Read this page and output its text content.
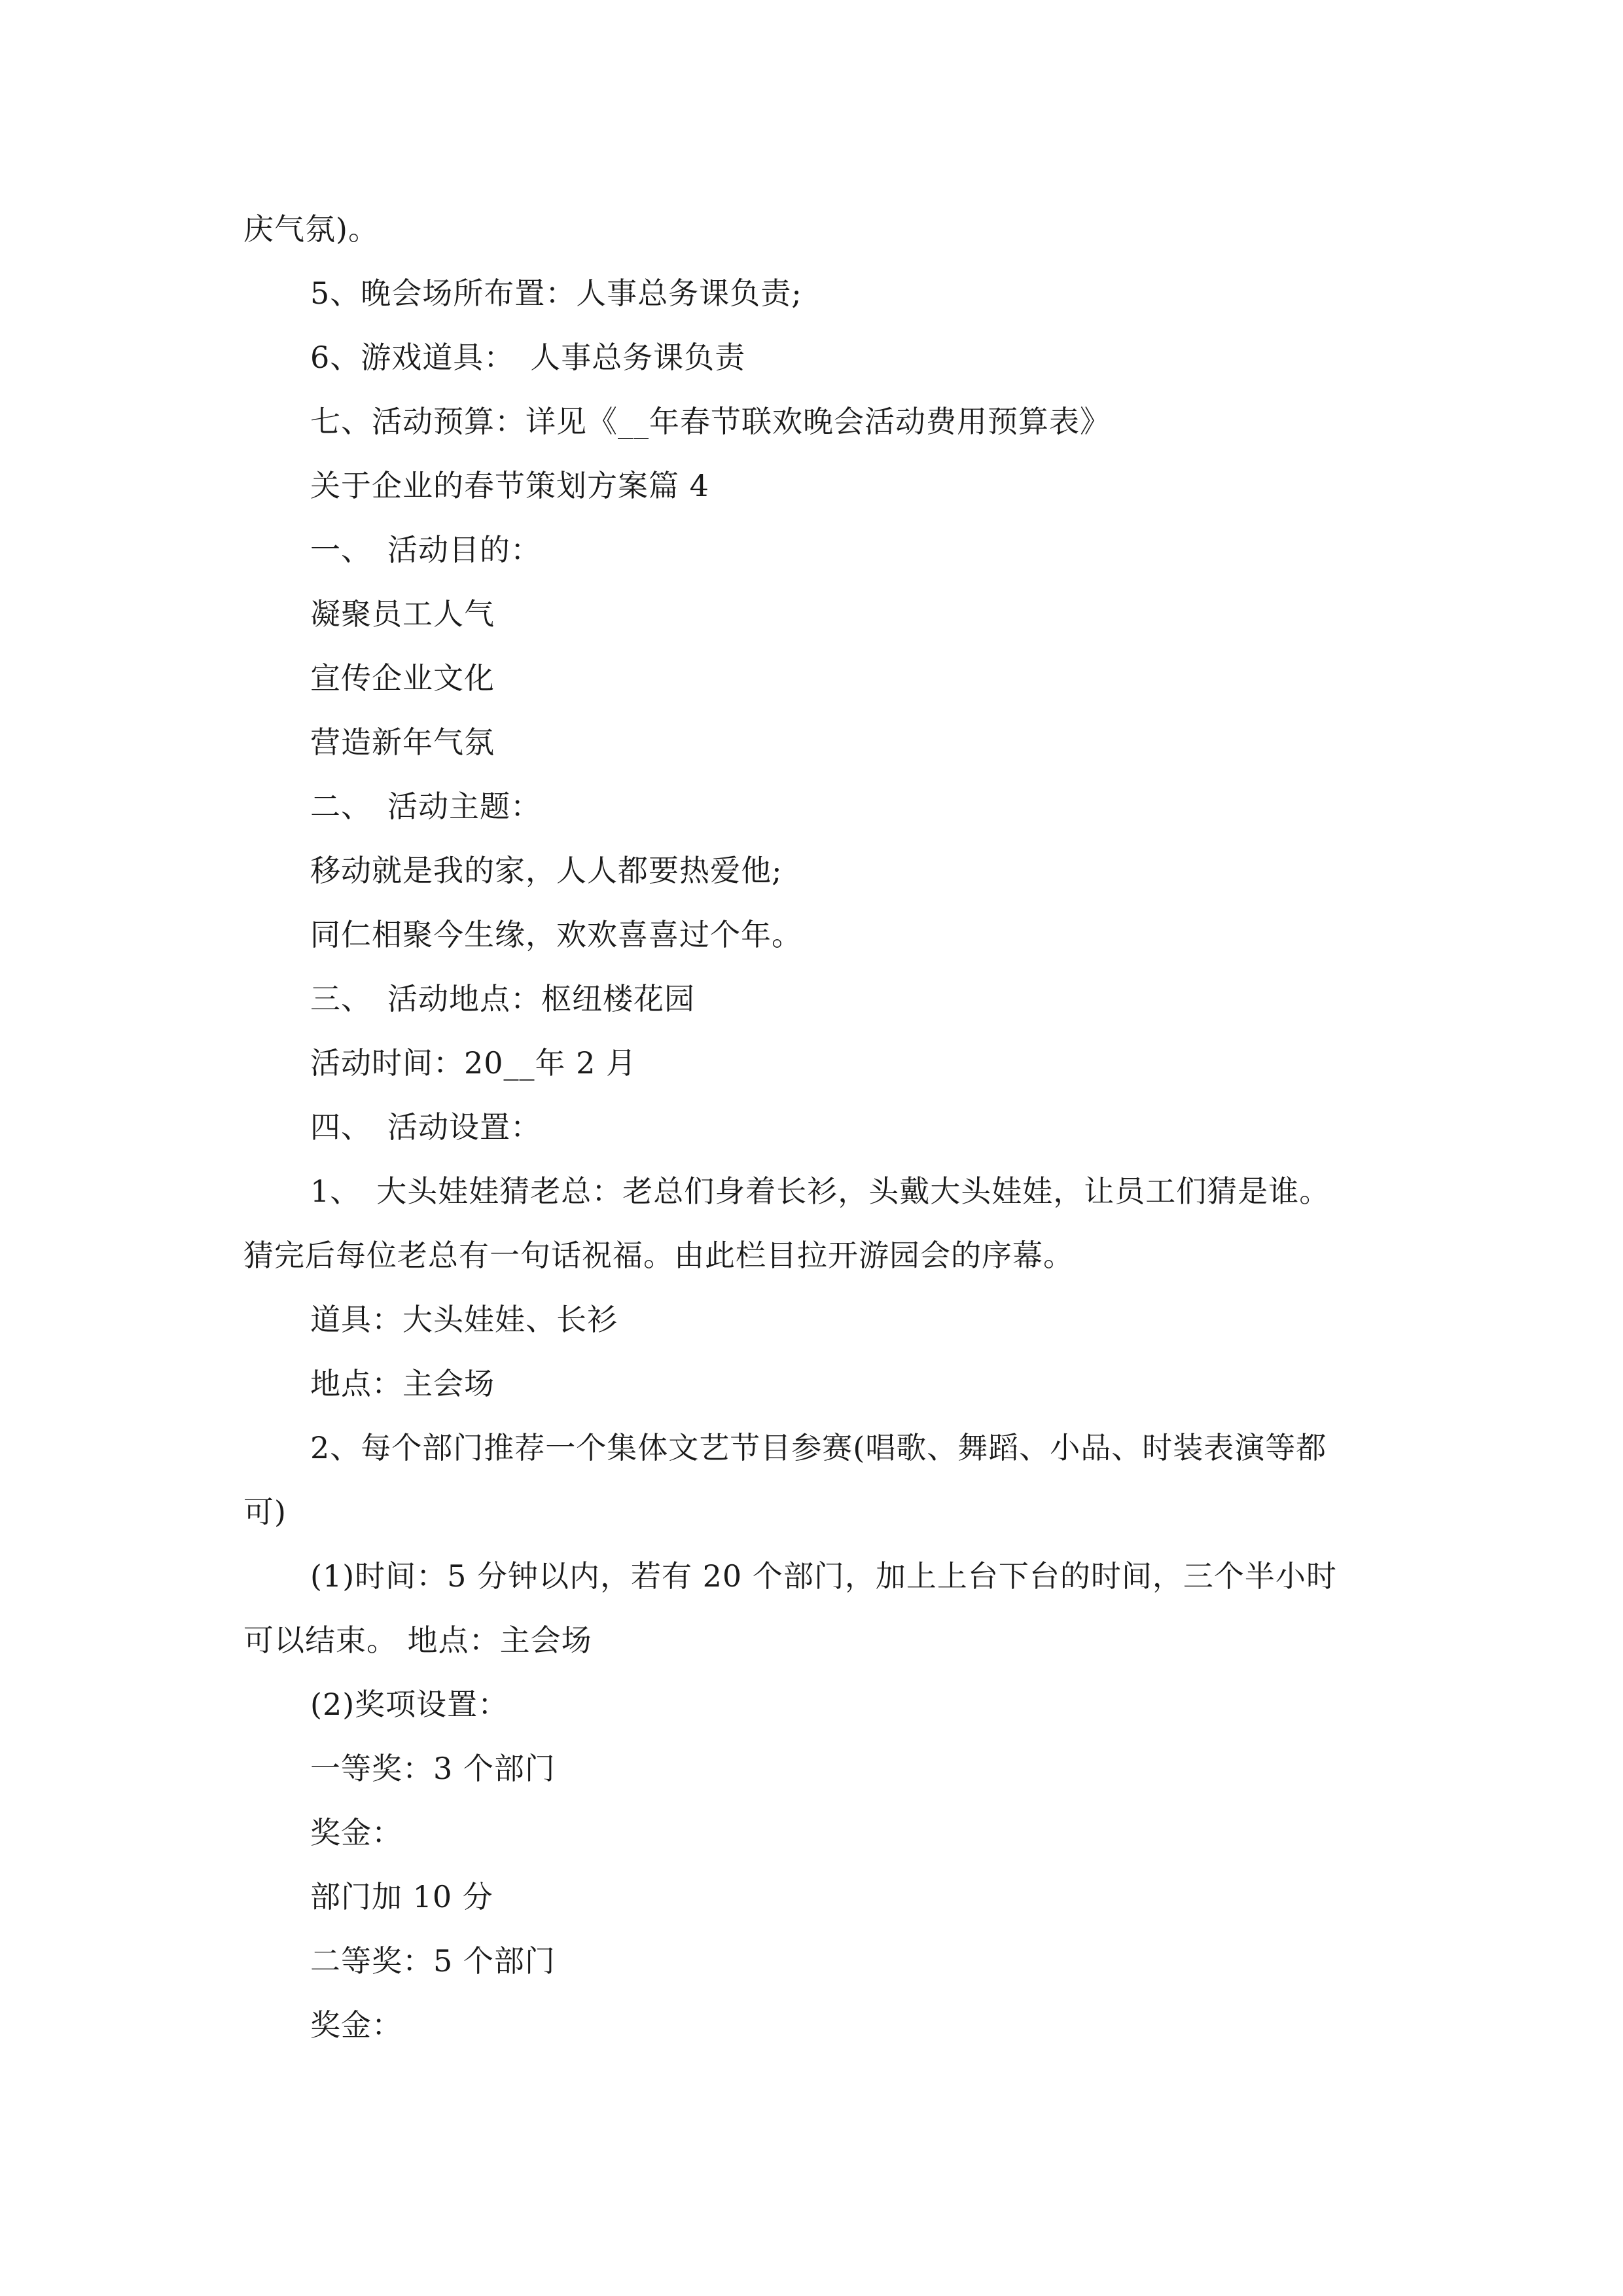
庆气氛)。
5、晚会场所布置：人事总务课负责;
6、游戏道具：　人事总务课负责
七、活动预算：详见《__年春节联欢晚会活动费用预算表》
关于企业的春节策划方案篇 4
一、　活动目的：
凝聚员工人气
宣传企业文化
营造新年气氛
二、　活动主题：
移动就是我的家，人人都要热爱他;
同仁相聚今生缘，欢欢喜喜过个年。
三、　活动地点：枢纽楼花园
活动时间：20__年 2 月
四、　活动设置：
1、　大头娃娃猜老总：老总们身着长衫，头戴大头娃娃，让员工们猜是谁。
猜完后每位老总有一句话祝福。由此栏目拉开游园会的序幕。
道具：大头娃娃、长衫
地点：主会场
2、每个部门推荐一个集体文艺节目参赛(唱歌、舞蹈、小品、时装表演等都
可)
(1)时间：5 分钟以内，若有 20 个部门，加上上台下台的时间，三个半小时
可以结束。 地点：主会场
(2)奖项设置：
一等奖：3 个部门
奖金：
部门加 10 分
二等奖：5 个部门
奖金：
